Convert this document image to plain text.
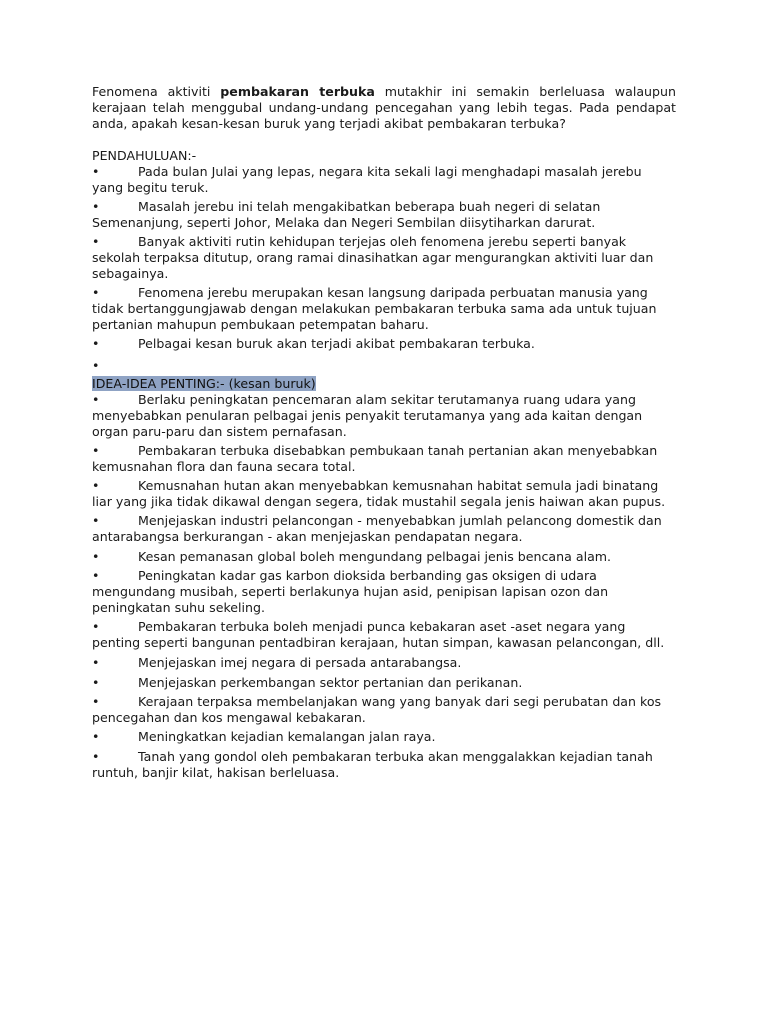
Fenomena aktiviti pembakaran terbuka mutakhir ini semakin berleluasa walaupun kerajaan telah menggubal undang-undang pencegahan yang lebih tegas. Pada pendapat anda, apakah kesan-kesan buruk yang terjadi akibat pembakaran terbuka?

PENDAHULUAN:-
•	Pada bulan Julai yang lepas, negara kita sekali lagi menghadapi masalah jerebu yang begitu teruk.
•	Masalah jerebu ini telah mengakibatkan beberapa buah negeri di selatan Semenanjung, seperti Johor, Melaka dan Negeri Sembilan diisytiharkan darurat.
•	Banyak aktiviti rutin kehidupan terjejas oleh fenomena jerebu seperti banyak sekolah terpaksa ditutup, orang ramai dinasihatkan agar mengurangkan aktiviti luar dan sebagainya.
•	Fenomena jerebu merupakan kesan langsung daripada perbuatan manusia yang tidak bertanggungjawab dengan melakukan pembakaran terbuka sama ada untuk tujuan pertanian mahupun pembukaan petempatan baharu.
•	Pelbagai kesan buruk akan terjadi akibat pembakaran terbuka.
•

IDEA-IDEA PENTING:- (kesan buruk)
•	Berlaku peningkatan pencemaran alam sekitar terutamanya ruang udara yang menyebabkan penularan pelbagai jenis penyakit terutamanya yang ada kaitan dengan organ paru-paru dan sistem pernafasan.
•	Pembakaran terbuka disebabkan pembukaan tanah pertanian akan menyebabkan kemusnahan flora dan fauna secara total.
•	Kemusnahan hutan akan menyebabkan kemusnahan habitat semula jadi binatang liar yang jika tidak dikawal dengan segera, tidak mustahil segala jenis haiwan akan pupus.
•	Menjejaskan industri pelancongan - menyebabkan jumlah pelancong domestik dan antarabangsa berkurangan - akan menjejaskan pendapatan negara.
•	Kesan pemanasan global boleh mengundang pelbagai jenis bencana alam.
•	Peningkatan kadar gas karbon dioksida berbanding gas oksigen di udara mengundang musibah, seperti berlakunya hujan asid, penipisan lapisan ozon dan peningkatan suhu sekeling.
•	Pembakaran terbuka boleh menjadi punca kebakaran aset -aset negara yang penting seperti bangunan pentadbiran kerajaan, hutan simpan, kawasan pelancongan, dll.
•	Menjejaskan imej negara di persada antarabangsa.
•	Menjejaskan perkembangan sektor pertanian dan perikanan.
•	Kerajaan terpaksa membelanjakan wang yang banyak dari segi perubatan dan kos pencegahan dan kos mengawal kebakaran.
•	Meningkatkan kejadian kemalangan jalan raya.
•	Tanah yang gondol oleh pembakaran terbuka akan menggalakkan kejadian tanah runtuh, banjir kilat, hakisan berleluasa.
